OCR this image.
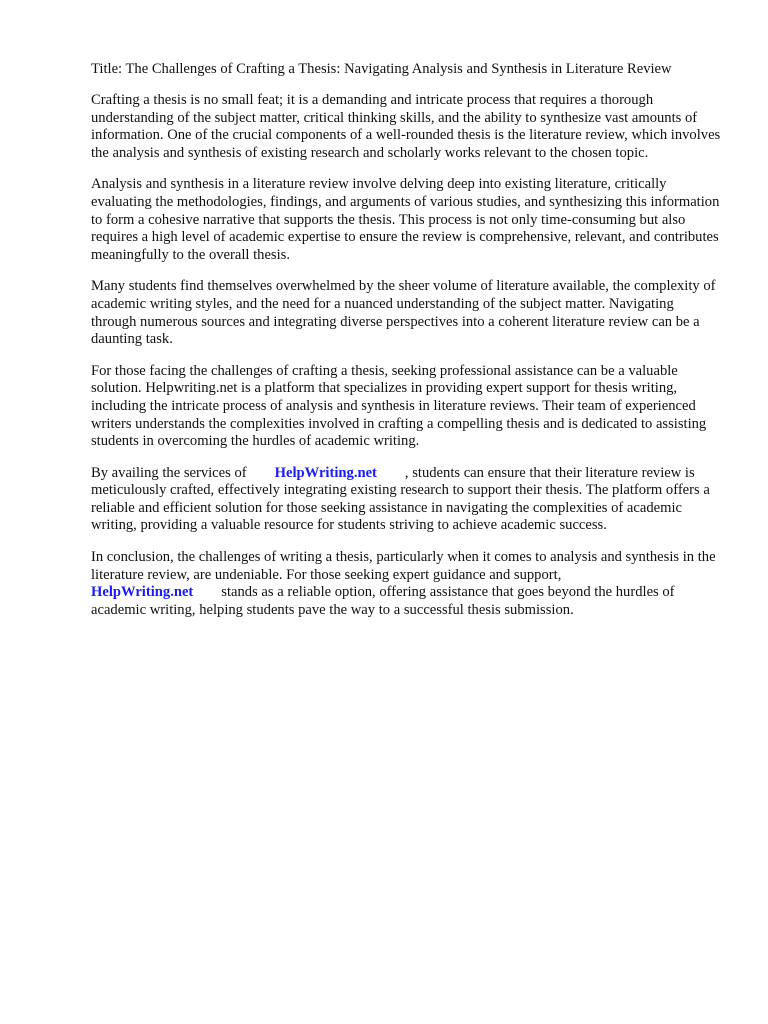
Title: The Challenges of Crafting a Thesis: Navigating Analysis and Synthesis in Literature Review

Crafting a thesis is no small feat; it is a demanding and intricate process that requires a thorough understanding of the subject matter, critical thinking skills, and the ability to synthesize vast amounts of information. One of the crucial components of a well-rounded thesis is the literature review, which involves the analysis and synthesis of existing research and scholarly works relevant to the chosen topic.

Analysis and synthesis in a literature review involve delving deep into existing literature, critically evaluating the methodologies, findings, and arguments of various studies, and synthesizing this information to form a cohesive narrative that supports the thesis. This process is not only time-consuming but also requires a high level of academic expertise to ensure the review is comprehensive, relevant, and contributes meaningfully to the overall thesis.

Many students find themselves overwhelmed by the sheer volume of literature available, the complexity of academic writing styles, and the need for a nuanced understanding of the subject matter. Navigating through numerous sources and integrating diverse perspectives into a coherent literature review can be a daunting task.

For those facing the challenges of crafting a thesis, seeking professional assistance can be a valuable solution. Helpwriting.net is a platform that specializes in providing expert support for thesis writing, including the intricate process of analysis and synthesis in literature reviews. Their team of experienced writers understands the complexities involved in crafting a compelling thesis and is dedicated to assisting students in overcoming the hurdles of academic writing.

By availing the services of HelpWriting.net , students can ensure that their literature review is meticulously crafted, effectively integrating existing research to support their thesis. The platform offers a reliable and efficient solution for those seeking assistance in navigating the complexities of academic writing, providing a valuable resource for students striving to achieve academic success.

In conclusion, the challenges of writing a thesis, particularly when it comes to analysis and synthesis in the literature review, are undeniable. For those seeking expert guidance and support, HelpWriting.net stands as a reliable option, offering assistance that goes beyond the hurdles of academic writing, helping students pave the way to a successful thesis submission.
